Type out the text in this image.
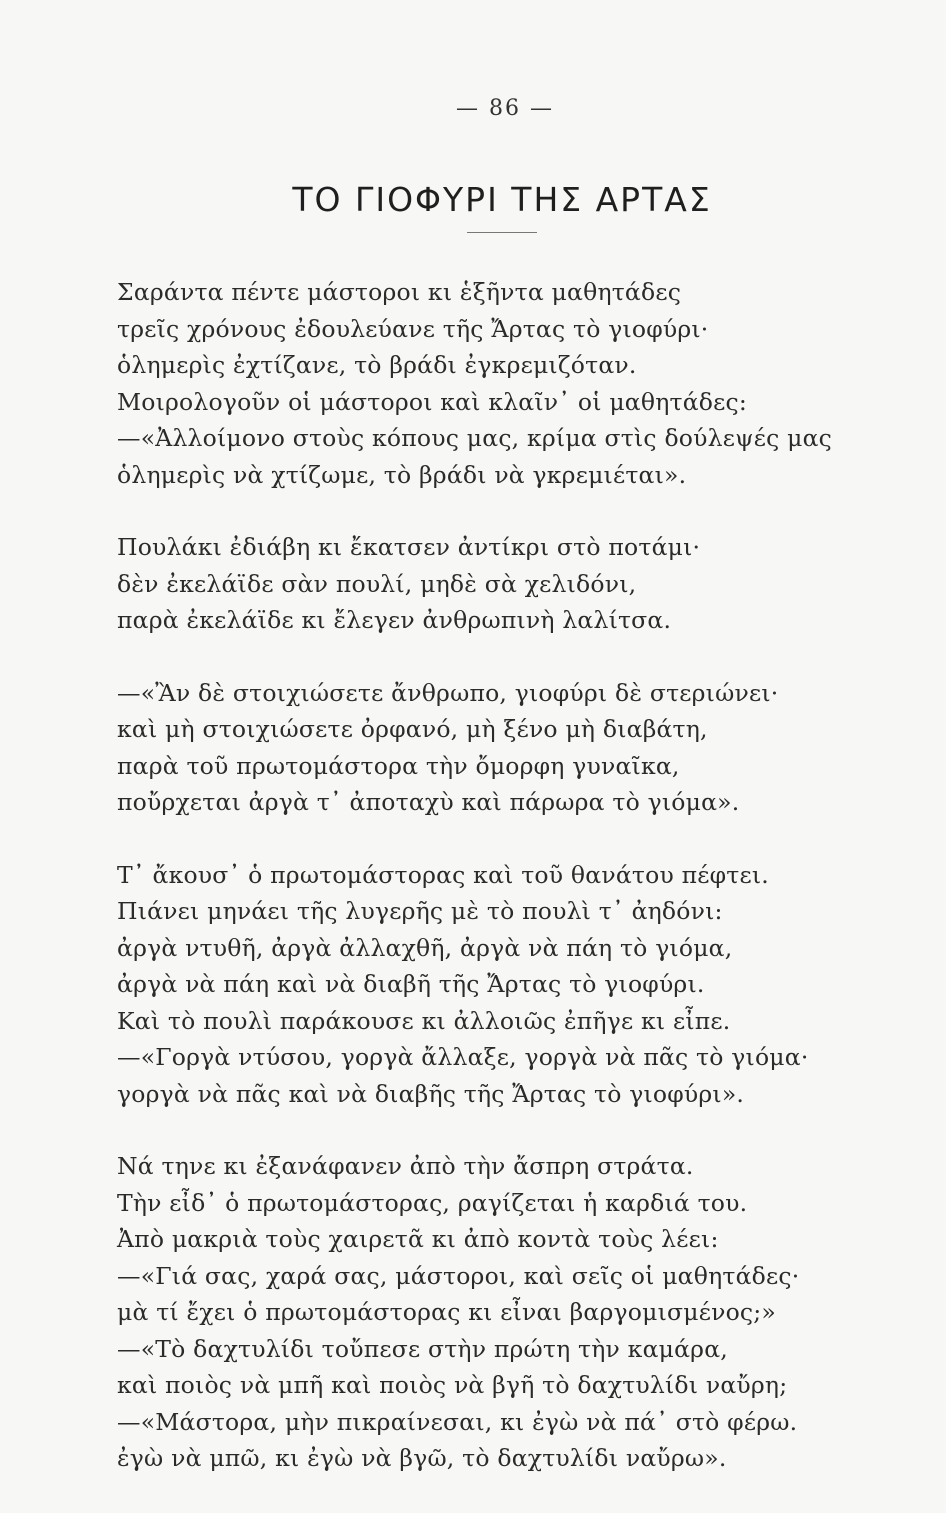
— 86 —
ΤΟ ΓΙΟΦΥΡΙ ΤΗΣ ΑΡΤΑΣ
Σαράντα πέντε μάστοροι κι ἑξῆντα μαθητάδες
τρεῖς χρόνους ἐδουλεύανε τῆς Ἄρτας τὸ γιοφύρι·
ὁλημερὶς ἐχτίζανε, τὸ βράδι ἐγκρεμιζόταν.
Μοιρολογοῦν οἱ μάστοροι καὶ κλαῖν᾽ οἱ μαθητάδες:
—«Ἀλλοίμονο στοὺς κόπους μας, κρίμα στὶς δούλεψές μας
ὁλημερὶς νὰ χτίζωμε, τὸ βράδι νὰ γκρεμιέται».
Πουλάκι ἐδιάβη κι ἔκατσεν ἀντίκρι στὸ ποτάμι·
δὲν ἐκελάϊδε σὰν πουλί, μηδὲ σὰ χελιδόνι,
παρὰ ἐκελάϊδε κι ἔλεγεν ἀνθρωπινὴ λαλίτσα.
—«Ἂν δὲ στοιχιώσετε ἄνθρωπο, γιοφύρι δὲ στεριώνει·
καὶ μὴ στοιχιώσετε ὀρφανό, μὴ ξένο μὴ διαβάτη,
παρὰ τοῦ πρωτομάστορα τὴν ὄμορφη γυναῖκα,
ποὔρχεται ἀργὰ τ᾽ ἀποταχὺ καὶ πάρωρα τὸ γιόμα».
Τ᾽ ἄκουσ᾽ ὁ πρωτομάστορας καὶ τοῦ θανάτου πέφτει.
Πιάνει μηνάει τῆς λυγερῆς μὲ τὸ πουλὶ τ᾽ ἀηδόνι:
ἀργὰ ντυθῆ, ἀργὰ ἀλλαχθῆ, ἀργὰ νὰ πάη τὸ γιόμα,
ἀργὰ νὰ πάη καὶ νὰ διαβῆ τῆς Ἄρτας τὸ γιοφύρι.
Καὶ τὸ πουλὶ παράκουσε κι ἀλλοιῶς ἐπῆγε κι εἶπε.
—«Γοργὰ ντύσου, γοργὰ ἄλλαξε, γοργὰ νὰ πᾶς τὸ γιόμα·
γοργὰ νὰ πᾶς καὶ νὰ διαβῆς τῆς Ἄρτας τὸ γιοφύρι».
Νά τηνε κι ἐξανάφανεν ἀπὸ τὴν ἄσπρη στράτα.
Τὴν εἶδ᾽ ὁ πρωτομάστορας, ραγίζεται ἡ καρδιά του.
Ἀπὸ μακριὰ τοὺς χαιρετᾶ κι ἀπὸ κοντὰ τοὺς λέει:
—«Γιά σας, χαρά σας, μάστοροι, καὶ σεῖς οἱ μαθητάδες·
μὰ τί ἔχει ὁ πρωτομάστορας κι εἶναι βαργομισμένος;»
—«Τὸ δαχτυλίδι τοὔπεσε στὴν πρώτη τὴν καμάρα,
καὶ ποιὸς νὰ μπῆ καὶ ποιὸς νὰ βγῆ τὸ δαχτυλίδι ναὔρη;
—«Μάστορα, μὴν πικραίνεσαι, κι ἐγὼ νὰ πά᾽ στὸ φέρω.
ἐγὼ νὰ μπῶ, κι ἐγὼ νὰ βγῶ, τὸ δαχτυλίδι ναὔρω».
